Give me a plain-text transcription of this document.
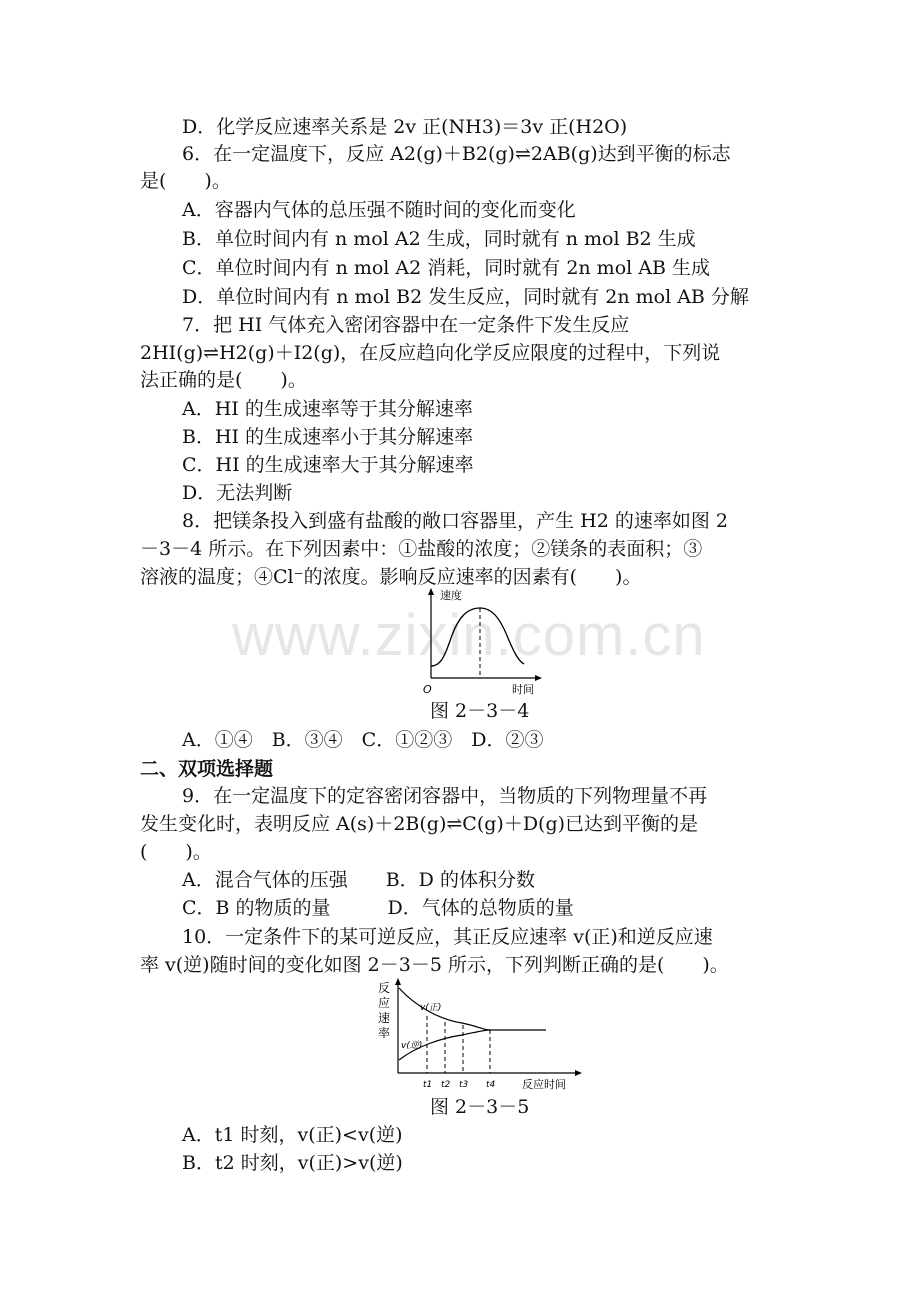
www.zixin.com.cn
D．化学反应速率关系是 2v 正(NH3)＝3v 正(H2O)
6．在一定温度下，反应 A2(g)＋B2(g)⇌2AB(g)达到平衡的标志
是(　　)。
A．容器内气体的总压强不随时间的变化而变化
B．单位时间内有 n mol A2 生成，同时就有 n mol B2 生成
C．单位时间内有 n mol A2 消耗，同时就有 2n mol AB 生成
D．单位时间内有 n mol B2 发生反应，同时就有 2n mol AB 分解
7．把 HI 气体充入密闭容器中在一定条件下发生反应
2HI(g)⇌H2(g)＋I2(g)，在反应趋向化学反应限度的过程中，下列说
法正确的是(　　)。
A．HI 的生成速率等于其分解速率
B．HI 的生成速率小于其分解速率
C．HI 的生成速率大于其分解速率
D．无法判断
8．把镁条投入到盛有盐酸的敞口容器里，产生 H2 的速率如图 2
－3－4 所示。在下列因素中：①盐酸的浓度；②镁条的表面积；③
溶液的温度；④Cl⁻的浓度。影响反应速率的因素有(　　)。
A．①④　B．③④　C．①②③　D．②③
二、双项选择题
9．在一定温度下的定容密闭容器中，当物质的下列物理量不再
发生变化时，表明反应 A(s)＋2B(g)⇌C(g)＋D(g)已达到平衡的是
(　　)。
A．混合气体的压强　　B．D 的体积分数
C．B 的物质的量　　　D．气体的总物质的量
10．一定条件下的某可逆反应，其正反应速率 v(正)和逆反应速
率 v(逆)随时间的变化如图 2－3－5 所示，下列判断正确的是(　　)。
A．t1 时刻，v(正)<v(逆)
B．t2 时刻，v(正)>v(逆)
速度
时间
O
图 2－3－4
v(正)
v(逆)
t1 t2 t3 t4 反应时间
反
应
速
率
图 2－3－5
